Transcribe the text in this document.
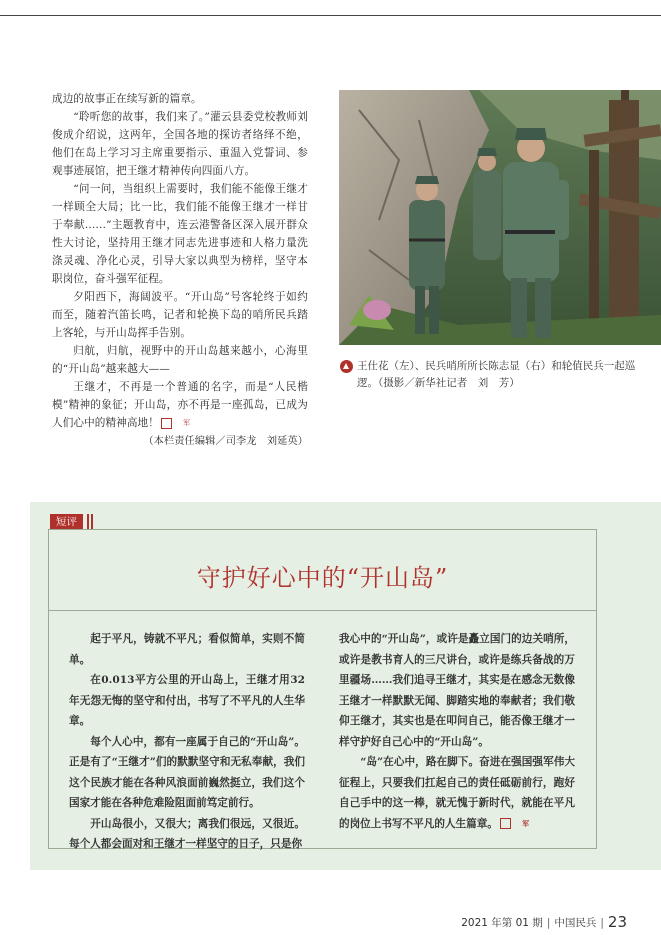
成边的故事正在续写新的篇章。

“聆听您的故事，我们来了。”灌云县委党校教师刘俊成介绍说，这两年，全国各地的探访者络绎不绝，他们在岛上学习习主席重要指示、重温入党誓词、参观事迹展馆，把王继才精神传向四面八方。

“问一问，当组织上需要时，我们能不能像王继才一样顾全大局；比一比，我们能不能像王继才一样甘于奉献……”主题教育中，连云港警备区深入展开群众性大讨论，坚持用王继才同志先进事迹和人格力量洗涤灵魂、净化心灵，引导大家以典型为榜样，坚守本职岗位，奋斗强军征程。

夕阳西下，海阔波平。“开山岛”号客轮终于如约而至，随着汽笛长鸣，记者和轮换下岛的哨所民兵踏上客轮，与开山岛挥手告别。

归航，归航，视野中的开山岛越来越小，心海里的“开山岛”越来越大——

王继才，不再是一个普通的名字，而是“人民楷模”精神的象征；开山岛，亦不再是一座孤岛，已成为人们心中的精神高地！	军

（本栏责任编辑／司李龙　刘延英）

王仕花（左）、民兵哨所所长陈志显（右）和轮值民兵一起巡逻。（摄影／新华社记者　刘　芳）
短评
守护好心中的“开山岛”

起于平凡，铸就不平凡；看似简单，实则不简单。

在0.013平方公里的开山岛上，王继才用32年无怨无悔的坚守和付出，书写了不平凡的人生华章。

每个人心中，都有一座属于自己的“开山岛”。正是有了“王继才”们的默默坚守和无私奉献，我们这个民族才能在各种风浪面前巍然挺立，我们这个国家才能在各种危难险阻面前笃定前行。

开山岛很小，又很大；离我们很远，又很近。每个人都会面对和王继才一样坚守的日子，只是你

我心中的“开山岛”，或许是矗立国门的边关哨所，或许是教书育人的三尺讲台，或许是练兵备战的万里疆场……我们追寻王继才，其实是在感念无数像王继才一样默默无闻、脚踏实地的奉献者；我们敬仰王继才，其实也是在叩问自己，能否像王继才一样守护好自己心中的“开山岛”。

“岛”在心中，路在脚下。奋进在强国强军伟大征程上，只要我们扛起自己的责任砥砺前行，跑好自己手中的这一棒，就无愧于新时代，就能在平凡的岗位上书写不平凡的人生篇章。	军

2021 年第 01 期 | 中国民兵 | 23
